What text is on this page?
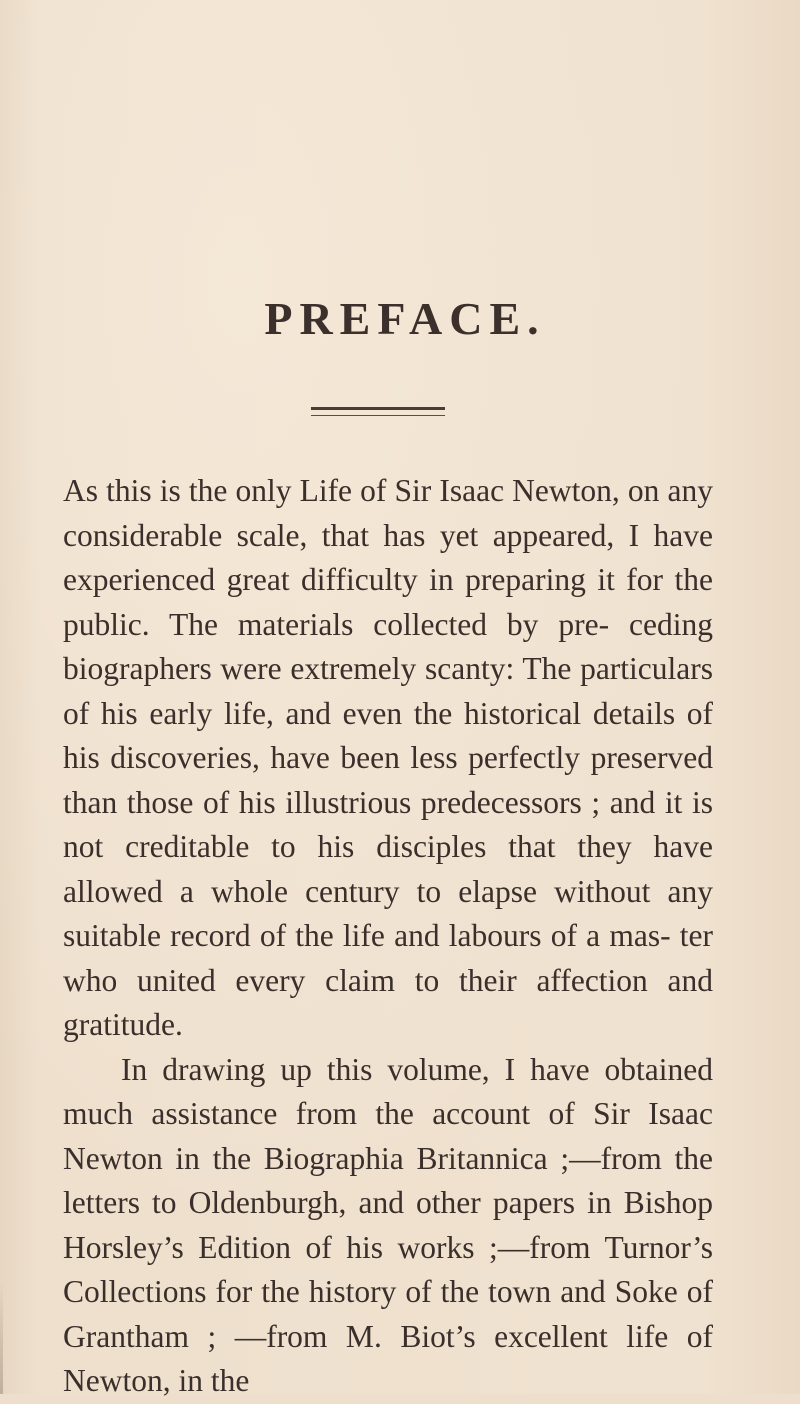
PREFACE.

As this is the only Life of Sir Isaac Newton, on any considerable scale, that has yet appeared, I have experienced great difficulty in preparing it for the public. The materials collected by pre- ceding biographers were extremely scanty: The particulars of his early life, and even the historical details of his discoveries, have been less perfectly preserved than those of his illustrious predecessors ; and it is not creditable to his disciples that they have allowed a whole century to elapse without any suitable record of the life and labours of a mas- ter who united every claim to their affection and gratitude.

In drawing up this volume, I have obtained much assistance from the account of Sir Isaac Newton in the Biographia Britannica ;—from the letters to Oldenburgh, and other papers in Bishop Horsley’s Edition of his works ;—from Turnor’s Collections for the history of the town and Soke of Grantham ; —from M. Biot’s excellent life of Newton, in the
